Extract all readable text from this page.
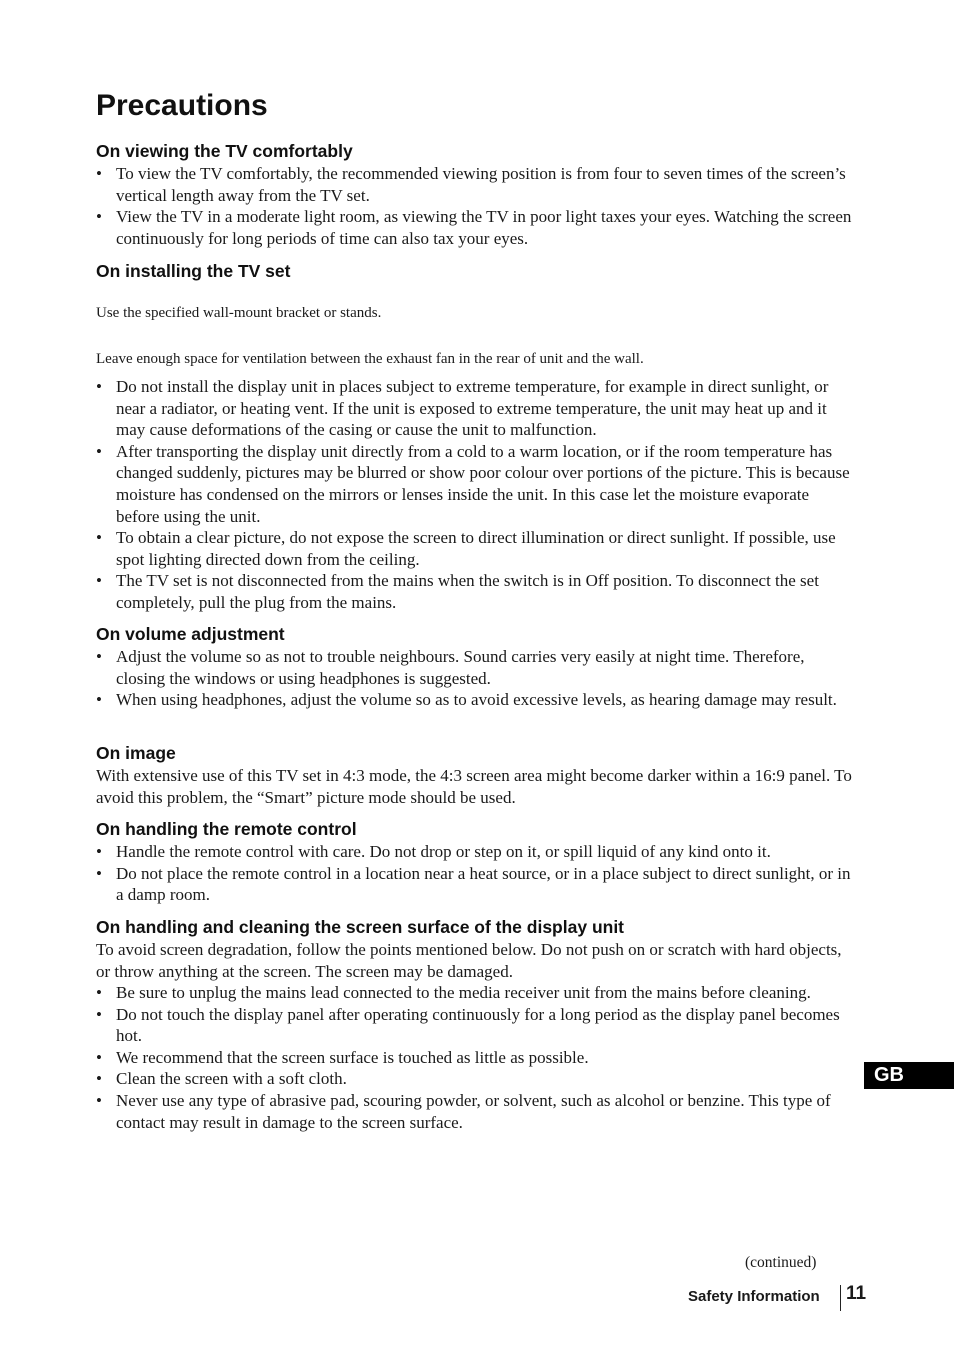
Precautions
On viewing the TV comfortably
• To view the TV comfortably, the recommended viewing position is from four to seven times of the screen’s vertical length away from the TV set.
• View the TV in a moderate light room, as viewing the TV in poor light taxes your eyes. Watching the screen continuously for long periods of time can also tax your eyes.
On installing the TV set

Use the specified wall-mount bracket or stands.

Leave enough space for ventilation between the exhaust fan in the rear of unit and the wall.

• Do not install the display unit in places subject to extreme temperature, for example in direct sunlight, or near a radiator, or heating vent. If the unit is exposed to extreme temperature, the unit may heat up and it may cause deformations of the casing or cause the unit to malfunction.
• After transporting the display unit directly from a cold to a warm location, or if the room temperature has changed suddenly, pictures may be blurred or show poor colour over portions of the picture. This is because moisture has condensed on the mirrors or lenses inside the unit. In this case let the moisture evaporate before using the unit.
• To obtain a clear picture, do not expose the screen to direct illumination or direct sunlight. If possible, use spot lighting directed down from the ceiling.
• The TV set is not disconnected from the mains when the switch is in Off position. To disconnect the set completely, pull the plug from the mains.
On volume adjustment
• Adjust the volume so as not to trouble neighbours. Sound carries very easily at night time. Therefore, closing the windows or using headphones is suggested.
• When using headphones, adjust the volume so as to avoid excessive levels, as hearing damage may result.
On image

With extensive use of this TV set in 4:3 mode, the 4:3 screen area might become darker within a 16:9 panel. To avoid this problem, the “Smart” picture mode should be used.

On handling the remote control
• Handle the remote control with care. Do not drop or step on it, or spill liquid of any kind onto it.
• Do not place the remote control in a location near a heat source, or in a place subject to direct sunlight, or in a damp room.
On handling and cleaning the screen surface of the display unit

To avoid screen degradation, follow the points mentioned below. Do not push on or scratch with hard objects, or throw anything at the screen. The screen may be damaged.

• Be sure to unplug the mains lead connected to the media receiver unit from the mains before cleaning.
• Do not touch the display panel after operating continuously for a long period as the display panel becomes hot.
• We recommend that the screen surface is touched as little as possible.
• Clean the screen with a soft cloth.
• Never use any type of abrasive pad, scouring powder, or solvent, such as alcohol or benzine. This type of contact may result in damage to the screen surface.
GB
(continued)
Safety Information 11
